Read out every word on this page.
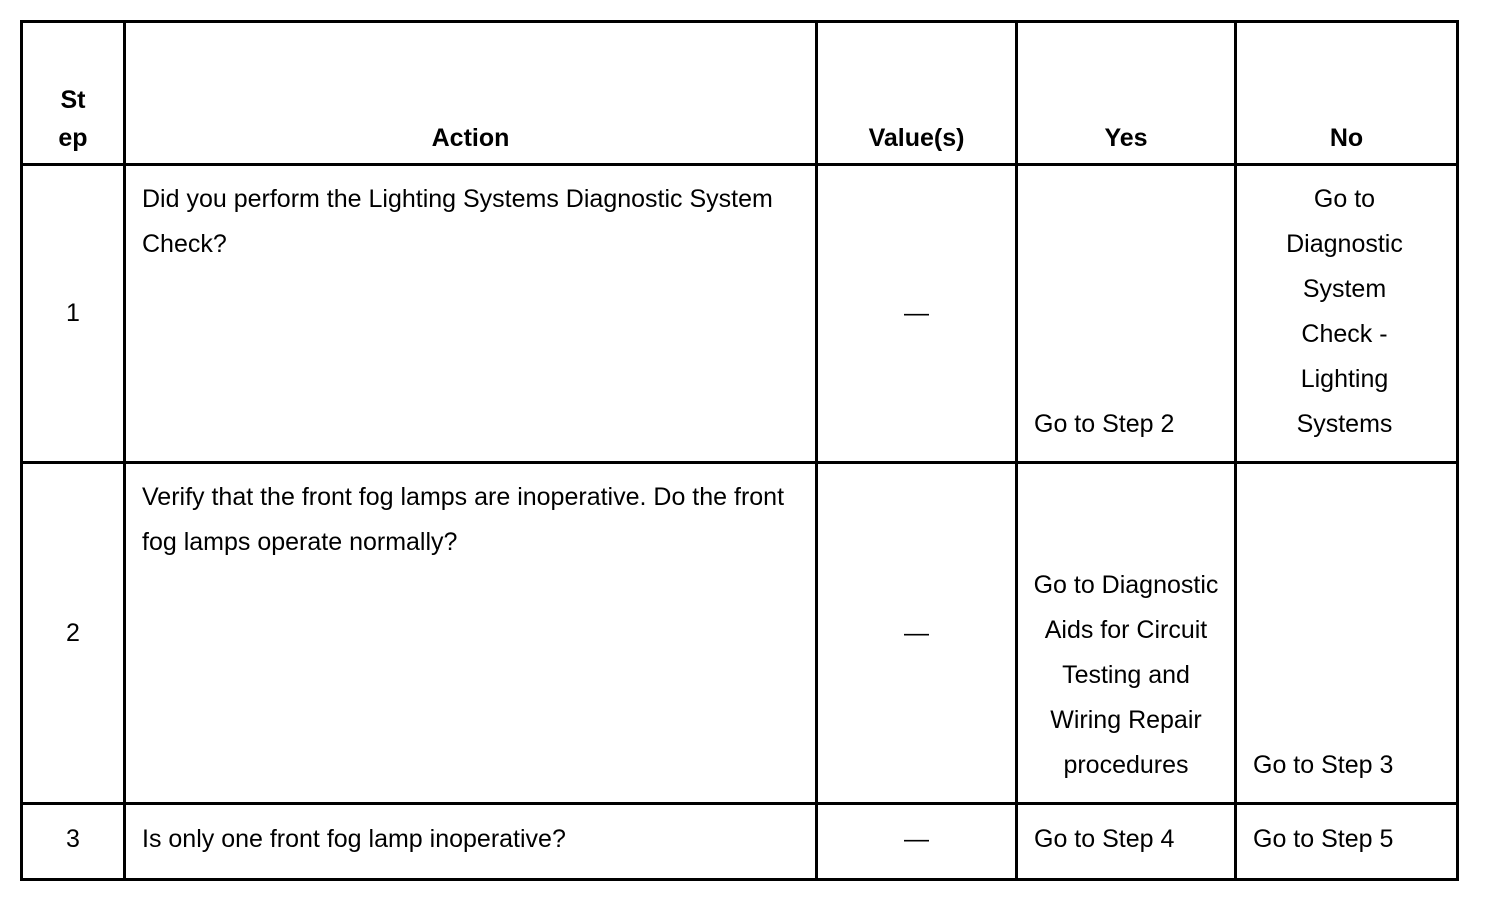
St
ep	Action	Value(s)	Yes	No

1	Did you perform the Lighting Systems Diagnostic System Check?	—	Go to Step 2	Go to Diagnostic System Check - Lighting Systems
2	Verify that the front fog lamps are inoperative. Do the front fog lamps operate normally?	—	Go to Diagnostic Aids for Circuit Testing and Wiring Repair procedures	Go to Step 3
3	Is only one front fog lamp inoperative?	—	Go to Step 4	Go to Step 5
